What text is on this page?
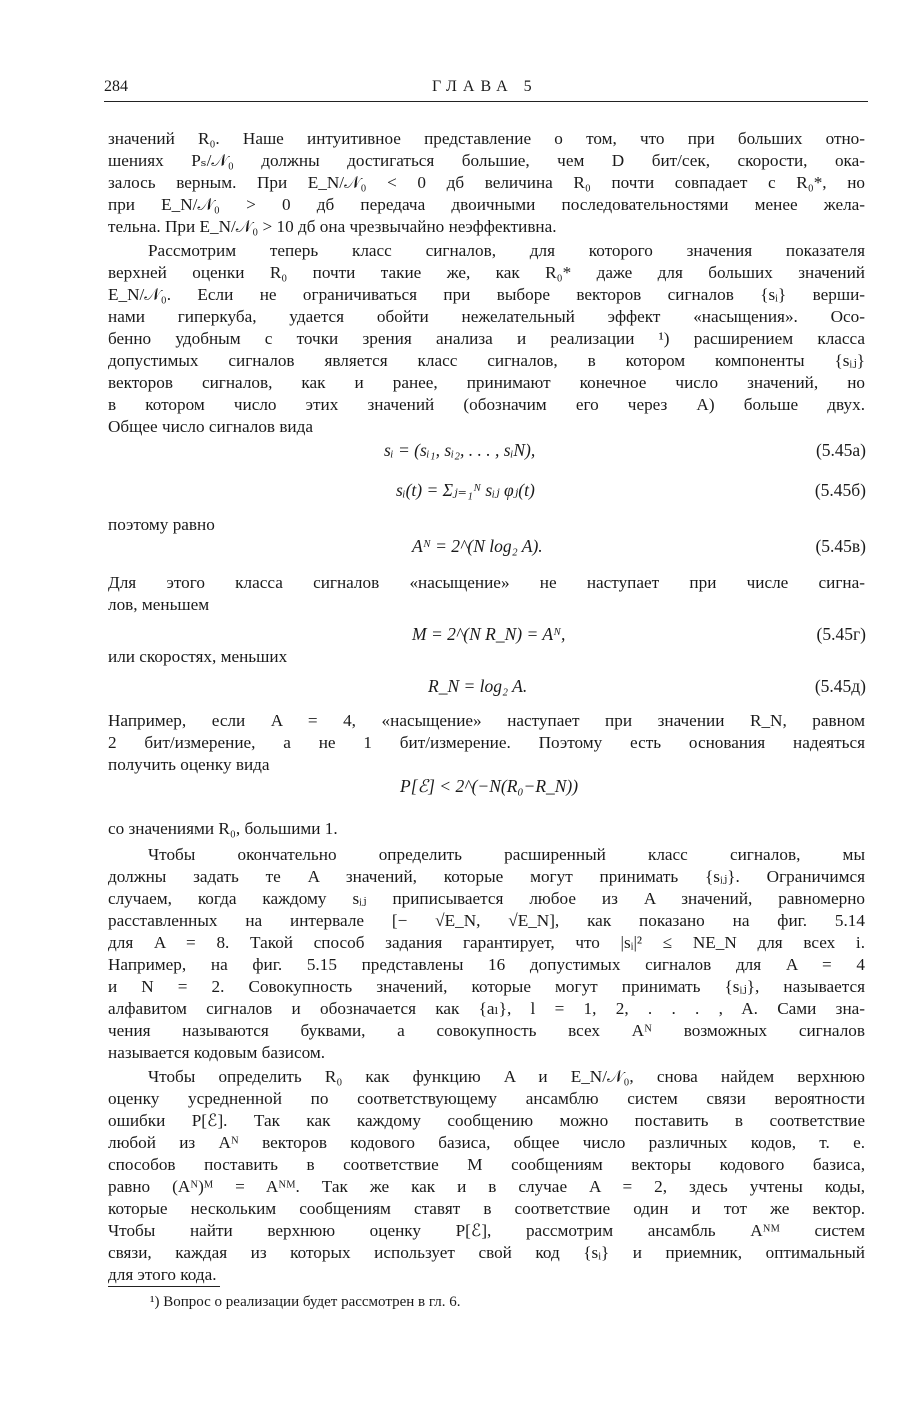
284	ГЛАВА 5
значений R₀. Наше интуитивное представление о том, что при больших отно-
шениях Pₛ/𝒩₀ должны достигаться большие, чем D бит/сек, скорости, ока-
залось верным. При E_N/𝒩₀ < 0 дб величина R₀ почти совпадает с R₀*, но
при E_N/𝒩₀ > 0 дб передача двоичными последовательностями менее жела-
тельна. При E_N/𝒩₀ > 10 дб она чрезвычайно неэффективна.
Рассмотрим теперь класс сигналов, для которого значения показателя
верхней оценки R₀ почти такие же, как R₀* даже для больших значений
E_N/𝒩₀. Если не ограничиваться при выборе векторов сигналов {sᵢ} верши-
нами гиперкуба, удается обойти нежелательный эффект «насыщения». Осо-
бенно удобным с точки зрения анализа и реализации ¹) расширением класса
допустимых сигналов является класс сигналов, в котором компоненты {sᵢⱼ}
векторов сигналов, как и ранее, принимают конечное число значений, но
в котором число этих значений (обозначим его через A) больше двух.
Общее число сигналов вида
sᵢ = (sᵢ₁, sᵢ₂, . . . , sᵢN),	(5.45а)
sᵢ(t) = Σⱼ₌₁ᴺ sᵢⱼ φⱼ(t)	(5.45б)
поэтому равно
Aᴺ = 2^(N log₂ A).	(5.45в)
Для этого класса сигналов «насыщение» не наступает при числе сигна-
лов, меньшем
M = 2^(N R_N) = Aᴺ,	(5.45г)
или скоростях, меньших
R_N = log₂ A.	(5.45д)
Например, если A = 4, «насыщение» наступает при значении R_N, равном
2 бит/измерение, а не 1 бит/измерение. Поэтому есть основания надеяться
получить оценку вида
P[ℰ] < 2^(−N(R₀−R_N))
со значениями R₀, большими 1.
Чтобы окончательно определить расширенный класс сигналов, мы
должны задать те A значений, которые могут принимать {sᵢⱼ}. Ограничимся
случаем, когда каждому sᵢⱼ приписывается любое из A значений, равномерно
расставленных на интервале [− √E_N, √E_N], как показано на фиг. 5.14
для A = 8. Такой способ задания гарантирует, что |sᵢ|² ≤ NE_N для всех i.
Например, на фиг. 5.15 представлены 16 допустимых сигналов для A = 4
и N = 2. Совокупность значений, которые могут принимать {sᵢⱼ}, называется
алфавитом сигналов и обозначается как {aₗ}, l = 1, 2, . . . , A. Сами зна-
чения называются буквами, а совокупность всех Aᴺ возможных сигналов
называется кодовым базисом.
Чтобы определить R₀ как функцию A и E_N/𝒩₀, снова найдем верхнюю
оценку усредненной по соответствующему ансамблю систем связи вероятности
ошибки P[ℰ]. Так как каждому сообщению можно поставить в соответствие
любой из Aᴺ векторов кодового базиса, общее число различных кодов, т. е.
способов поставить в соответствие M сообщениям векторы кодового базиса,
равно (Aᴺ)ᴹ = Aᴺᴹ. Так же как и в случае A = 2, здесь учтены коды,
которые нескольким сообщениям ставят в соответствие один и тот же вектор.
Чтобы найти верхнюю оценку P[ℰ], рассмотрим ансамбль Aᴺᴹ систем
связи, каждая из которых использует свой код {sᵢ} и приемник, оптимальный
для этого кода.
¹) Вопрос о реализации будет рассмотрен в гл. 6.
